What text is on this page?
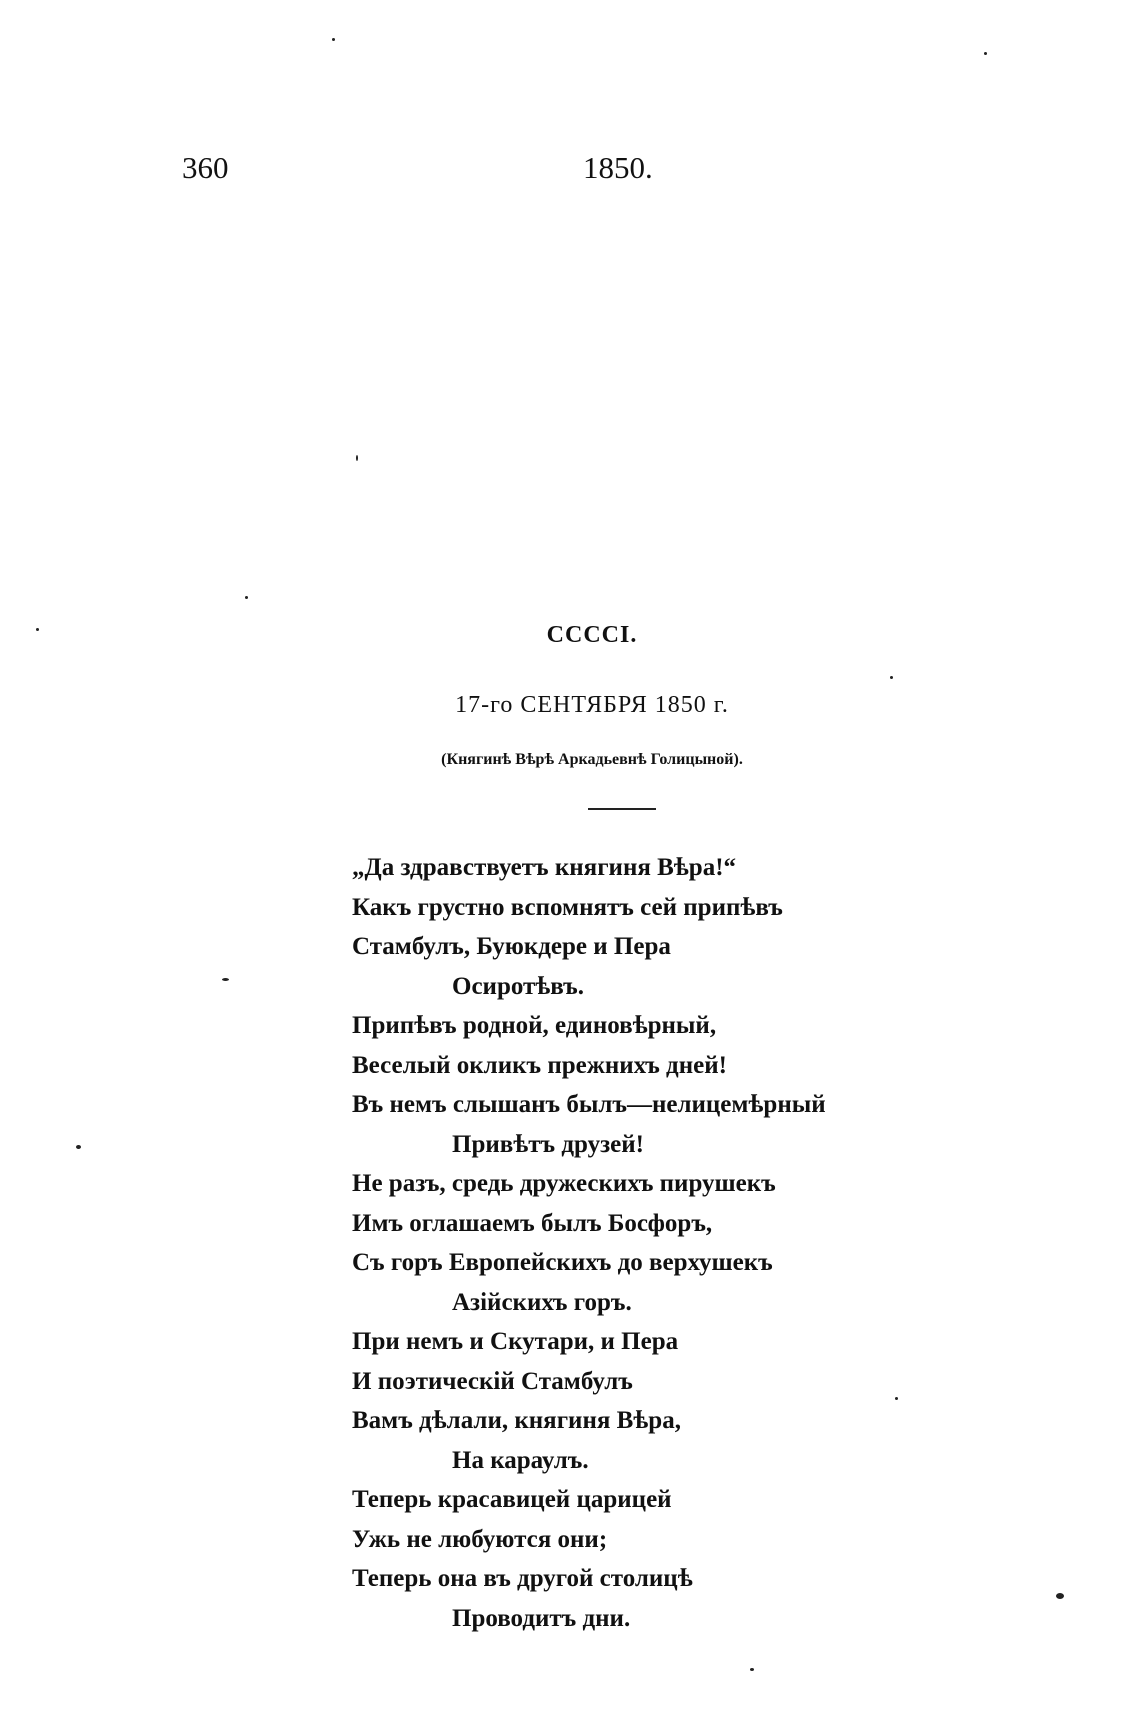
360	1850.
CCCCI.
17-го СЕНТЯБРЯ 1850 г.
(Княгинѣ Вѣрѣ Аркадьевнѣ Голицыной).
„Да здравствуетъ княгиня Вѣра!“
Какъ грустно вспомнятъ сей припѣвъ
Стамбулъ, Буюкдере и Пера
Осиротѣвъ.
Припѣвъ родной, единовѣрный,
Веселый окликъ прежнихъ дней!
Въ немъ слышанъ былъ—нелицемѣрный
Привѣтъ друзей!
Не разъ, средь дружескихъ пирушекъ
Имъ оглашаемъ былъ Босфоръ,
Съ горъ Европейскихъ до верхушекъ
Азійскихъ горъ.
При немъ и Скутари, и Пера
И поэтическій Стамбулъ
Вамъ дѣлали, княгиня Вѣра,
На караулъ.
Теперь красавицей царицей
Ужь не любуются они;
Теперь она въ другой столицѣ
Проводитъ дни.
